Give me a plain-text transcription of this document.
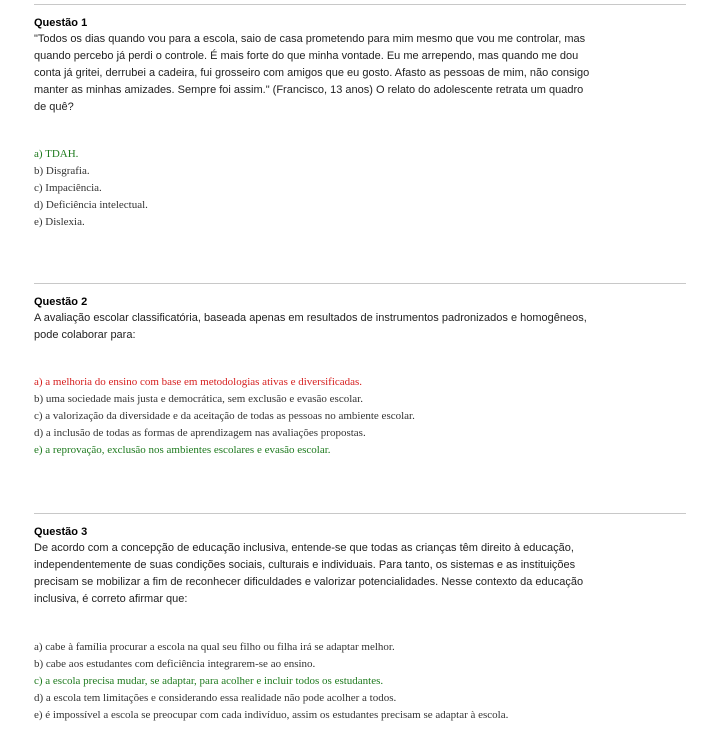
Questão 1

"Todos os dias quando vou para a escola, saio de casa prometendo para mim mesmo que vou me controlar, mas quando percebo já perdi o controle. É mais forte do que minha vontade. Eu me arrependo, mas quando me dou conta já gritei, derrubei a cadeira, fui grosseiro com amigos que eu gosto. Afasto as pessoas de mim, não consigo manter as minhas amizades. Sempre foi assim." (Francisco, 13 anos) O relato do adolescente retrata um quadro de quê?

a) TDAH.
b) Disgrafia.
c) Impaciência.
d) Deficiência intelectual.
e) Dislexia.
Questão 2

A avaliação escolar classificatória, baseada apenas em resultados de instrumentos padronizados e homogêneos, pode colaborar para:

a) a melhoria do ensino com base em metodologias ativas e diversificadas.
b) uma sociedade mais justa e democrática, sem exclusão e evasão escolar.
c) a valorização da diversidade e da aceitação de todas as pessoas no ambiente escolar.
d) a inclusão de todas as formas de aprendizagem nas avaliações propostas.
e) a reprovação, exclusão nos ambientes escolares e evasão escolar.
Questão 3

De acordo com a concepção de educação inclusiva, entende-se que todas as crianças têm direito à educação, independentemente de suas condições sociais, culturais e individuais. Para tanto, os sistemas e as instituições precisam se mobilizar a fim de reconhecer dificuldades e valorizar potencialidades. Nesse contexto da educação inclusiva, é correto afirmar que:

a) cabe à família procurar a escola na qual seu filho ou filha irá se adaptar melhor.
b) cabe aos estudantes com deficiência integrarem-se ao ensino.
c) a escola precisa mudar, se adaptar, para acolher e incluir todos os estudantes.
d) a escola tem limitações e considerando essa realidade não pode acolher a todos.
e) é impossível a escola se preocupar com cada indivíduo, assim os estudantes precisam se adaptar à escola.
